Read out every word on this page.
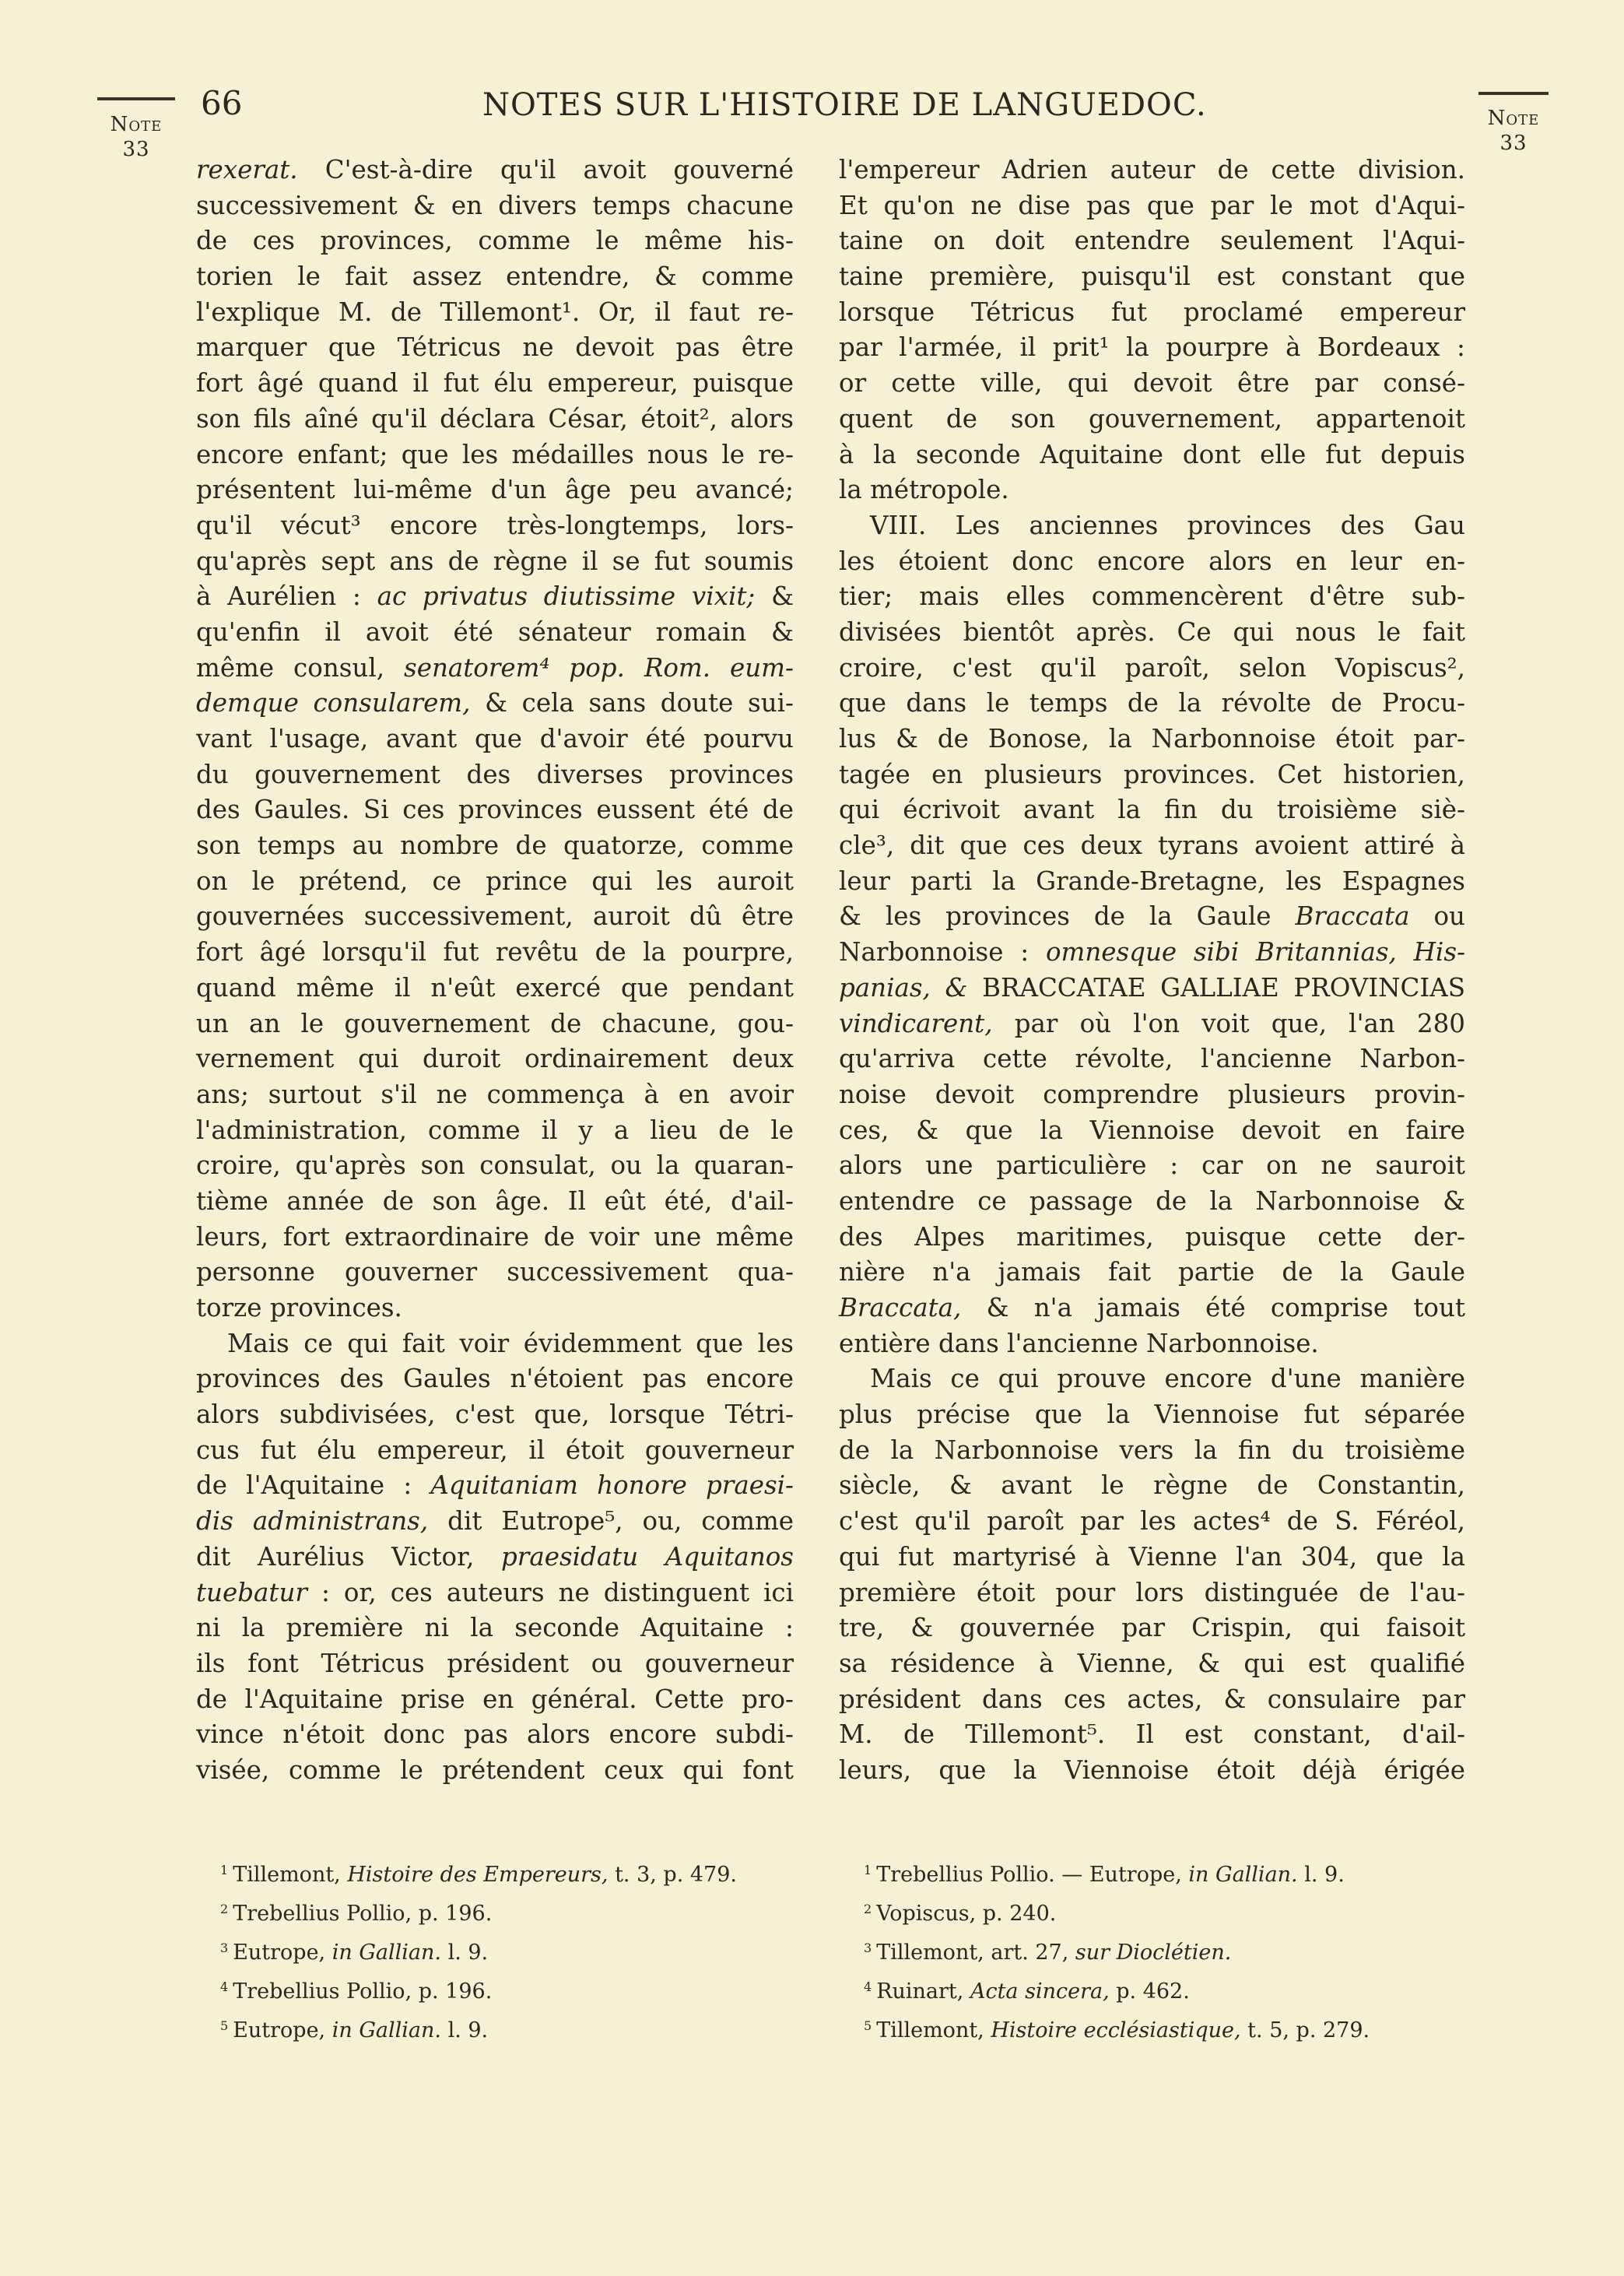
Note
33
Note
33
66	NOTES SUR L'HISTOIRE DE LANGUEDOC.
rexerat. C'est-à-dire qu'il avoit gouverné
successivement & en divers temps chacune
de ces provinces, comme le même his-
torien le fait assez entendre, & comme
l'explique M. de Tillemont¹. Or, il faut re-
marquer que Tétricus ne devoit pas être
fort âgé quand il fut élu empereur, puisque
son fils aîné qu'il déclara César, étoit², alors
encore enfant; que les médailles nous le re-
présentent lui-même d'un âge peu avancé;
qu'il vécut³ encore très-longtemps, lors-
qu'après sept ans de règne il se fut soumis
à Aurélien : ac privatus diutissime vixit; &
qu'enfin il avoit été sénateur romain &
même consul, senatorem⁴ pop. Rom. eum-
demque consularem, & cela sans doute sui-
vant l'usage, avant que d'avoir été pourvu
du gouvernement des diverses provinces
des Gaules. Si ces provinces eussent été de
son temps au nombre de quatorze, comme
on le prétend, ce prince qui les auroit
gouvernées successivement, auroit dû être
fort âgé lorsqu'il fut revêtu de la pourpre,
quand même il n'eût exercé que pendant
un an le gouvernement de chacune, gou-
vernement qui duroit ordinairement deux
ans; surtout s'il ne commença à en avoir
l'administration, comme il y a lieu de le
croire, qu'après son consulat, ou la quaran-
tième année de son âge. Il eût été, d'ail-
leurs, fort extraordinaire de voir une même
personne gouverner successivement qua-
torze provinces.
Mais ce qui fait voir évidemment que les
provinces des Gaules n'étoient pas encore
alors subdivisées, c'est que, lorsque Tétri-
cus fut élu empereur, il étoit gouverneur
de l'Aquitaine : Aquitaniam honore praesi-
dis administrans, dit Eutrope⁵, ou, comme
dit Aurélius Victor, praesidatu Aquitanos
tuebatur : or, ces auteurs ne distinguent ici
ni la première ni la seconde Aquitaine :
ils font Tétricus président ou gouverneur
de l'Aquitaine prise en général. Cette pro-
vince n'étoit donc pas alors encore subdi-
visée, comme le prétendent ceux qui font
l'empereur Adrien auteur de cette division.
Et qu'on ne dise pas que par le mot d'Aqui-
taine on doit entendre seulement l'Aqui-
taine première, puisqu'il est constant que
lorsque Tétricus fut proclamé empereur
par l'armée, il prit¹ la pourpre à Bordeaux :
or cette ville, qui devoit être par consé-
quent de son gouvernement, appartenoit
à la seconde Aquitaine dont elle fut depuis
la métropole.
VIII. Les anciennes provinces des Gau
les étoient donc encore alors en leur en-
tier; mais elles commencèrent d'être sub-
divisées bientôt après. Ce qui nous le fait
croire, c'est qu'il paroît, selon Vopiscus²,
que dans le temps de la révolte de Procu-
lus & de Bonose, la Narbonnoise étoit par-
tagée en plusieurs provinces. Cet historien,
qui écrivoit avant la fin du troisième siè-
cle³, dit que ces deux tyrans avoient attiré à
leur parti la Grande-Bretagne, les Espagnes
& les provinces de la Gaule Braccata ou
Narbonnoise : omnesque sibi Britannias, His-
panias, & BRACCATAE GALLIAE PROVINCIAS
vindicarent, par où l'on voit que, l'an 280
qu'arriva cette révolte, l'ancienne Narbon-
noise devoit comprendre plusieurs provin-
ces, & que la Viennoise devoit en faire
alors une particulière : car on ne sauroit
entendre ce passage de la Narbonnoise &
des Alpes maritimes, puisque cette der-
nière n'a jamais fait partie de la Gaule
Braccata, & n'a jamais été comprise tout
entière dans l'ancienne Narbonnoise.
Mais ce qui prouve encore d'une manière
plus précise que la Viennoise fut séparée
de la Narbonnoise vers la fin du troisième
siècle, & avant le règne de Constantin,
c'est qu'il paroît par les actes⁴ de S. Féréol,
qui fut martyrisé à Vienne l'an 304, que la
première étoit pour lors distinguée de l'au-
tre, & gouvernée par Crispin, qui faisoit
sa résidence à Vienne, & qui est qualifié
président dans ces actes, & consulaire par
M. de Tillemont⁵. Il est constant, d'ail-
leurs, que la Viennoise étoit déjà érigée
$^1$ Tillemont, Histoire des Empereurs, t. 3, p. 479.
$^2$ Trebellius Pollio, p. 196.
$^3$ Eutrope, in Gallian. l. 9.
$^4$ Trebellius Pollio, p. 196.
$^5$ Eutrope, in Gallian. l. 9.
$^1$ Trebellius Pollio. — Eutrope, in Gallian. l. 9.
$^2$ Vopiscus, p. 240.
$^3$ Tillemont, art. 27, sur Dioclétien.
$^4$ Ruinart, Acta sincera, p. 462.
$^5$ Tillemont, Histoire ecclésiastique, t. 5, p. 279.
